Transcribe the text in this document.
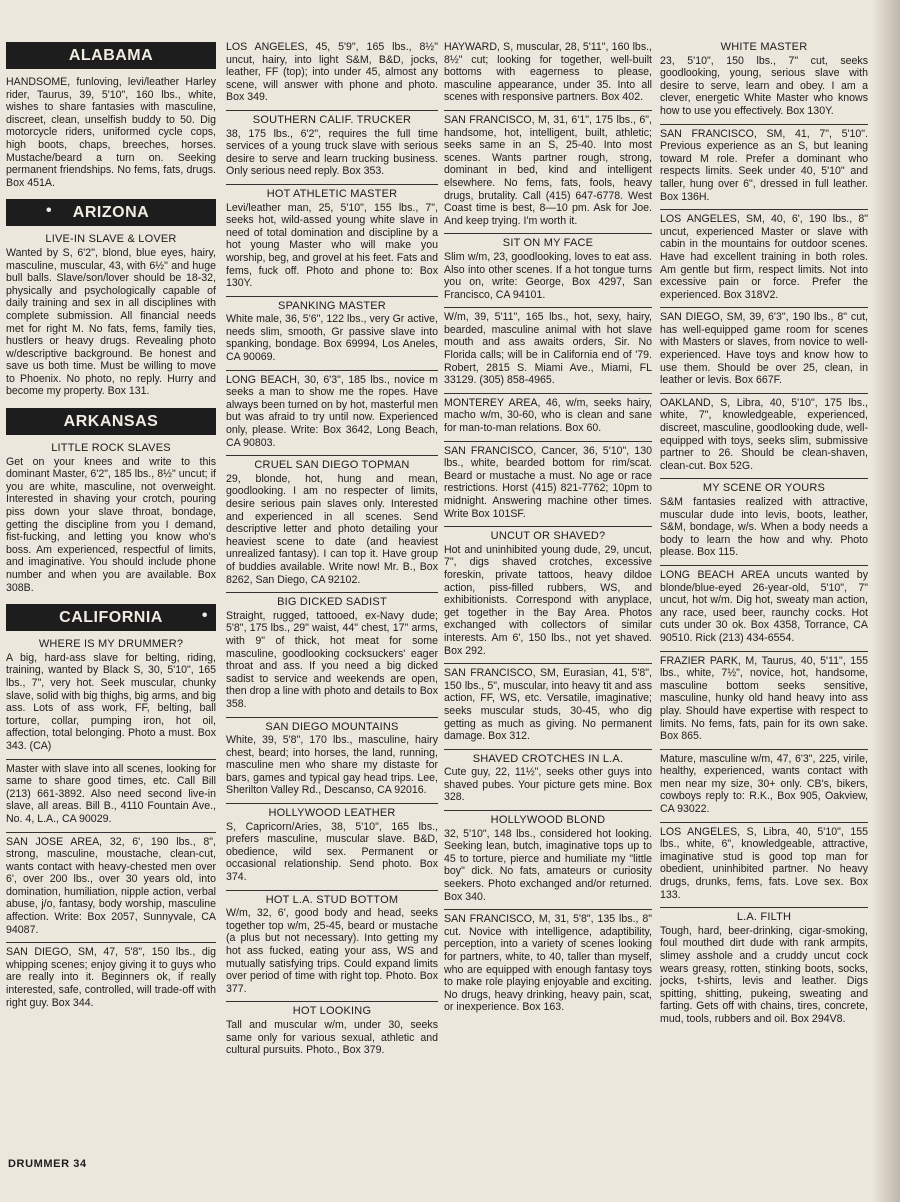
ALABAMA
HANDSOME, funloving, levi/leather Harley rider, Taurus, 39, 5'10", 160 lbs., white, wishes to share fantasies with masculine, discreet, clean, unselfish buddy to 50. Dig motorcycle riders, uniformed cycle cops, high boots, chaps, breeches, horses. Mustache/beard a turn on. Seeking permanent friendships. No fems, fats, drugs. Box 451A.
• ARIZONA
LIVE-IN SLAVE & LOVER
Wanted by S, 6'2", blond, blue eyes, hairy, masculine, muscular, 43, with 6½" and huge bull balls. Slave/son/lover should be 18-32, physically and psychologically capable of daily training and sex in all disciplines with complete submission. All financial needs met for right M. No fats, fems, family ties, hustlers or heavy drugs. Revealing photo w/descriptive background. Be honest and save us both time. Must be willing to move to Phoenix. No photo, no reply. Hurry and become my property. Box 131.
ARKANSAS
LITTLE ROCK SLAVES
Get on your knees and write to this dominant Master, 6'2", 185 lbs., 8½" uncut; if you are white, masculine, not overweight. Interested in shaving your crotch, pouring piss down your slave throat, bondage, getting the discipline from you I demand, fist-fucking, and letting you know who's boss. Am experienced, respectful of limits, and imaginative. You should include phone number and when you are available. Box 308B.
CALIFORNIA •
WHERE IS MY DRUMMER?
A big, hard-ass slave for belting, riding, training, wanted by Black S, 30, 5'10", 165 lbs., 7", very hot. Seek muscular, chunky slave, solid with big thighs, big arms, and big ass. Lots of ass work, FF, belting, ball torture, collar, pumping iron, hot oil, affection, total belonging. Photo a must. Box 343. (CA)
Master with slave into all scenes, looking for same to share good times, etc. Call Bill (213) 661-3892. Also need second live-in slave, all areas. Bill B., 4110 Fountain Ave., No. 4, L.A., CA 90029.
SAN JOSE AREA, 32, 6', 190 lbs., 8", strong, masculine, moustache, clean-cut, wants contact with heavy-chested men over 6', over 200 lbs., over 30 years old, into domination, humiliation, nipple action, verbal abuse, j/o, fantasy, body worship, masculine affection. Write: Box 2057, Sunnyvale, CA 94087.
SAN DIEGO, SM, 47, 5'8", 150 lbs., dig whipping scenes; enjoy giving it to guys who are really into it. Beginners ok, if really interested, safe, controlled, will trade-off with right guy. Box 344.
LOS ANGELES, 45, 5'9", 165 lbs., 8½" uncut, hairy, into light S&M, B&D, jocks, leather, FF (top); into under 45, almost any scene, will answer with phone and photo. Box 349.
SOUTHERN CALIF. TRUCKER
38, 175 lbs., 6'2", requires the full time services of a young truck slave with serious desire to serve and learn trucking business. Only serious need reply. Box 353.
HOT ATHLETIC MASTER
Levi/leather man, 25, 5'10", 155 lbs., 7", seeks hot, wild-assed young white slave in need of total domination and discipline by a hot young Master who will make you worship, beg, and grovel at his feet. Fats and fems, fuck off. Photo and phone to: Box 130Y.
SPANKING MASTER
White male, 36, 5'6", 122 lbs., very Gr active, needs slim, smooth, Gr passive slave into spanking, bondage. Box 69994, Los Aneles, CA 90069.
LONG BEACH, 30, 6'3", 185 lbs., novice m seeks a man to show me the ropes. Have always been turned on by hot, masterful men but was afraid to try until now. Experienced only, please. Write: Box 3642, Long Beach, CA 90803.
CRUEL SAN DIEGO TOPMAN
29, blonde, hot, hung and mean, goodlooking. I am no respecter of limits, desire serious pain slaves only. Interested and experienced in all scenes. Send descriptive letter and photo detailing your heaviest scene to date (and heaviest unrealized fantasy). I can top it. Have group of buddies available. Write now! Mr. B., Box 8262, San Diego, CA 92102.
BIG DICKED SADIST
Straight, rugged, tattooed, ex-Navy dude; 5'8", 175 lbs., 29" waist, 44" chest, 17" arms, with 9" of thick, hot meat for some masculine, goodlooking cocksuckers' eager throat and ass. If you need a big dicked sadist to service and weekends are open, then drop a line with photo and details to Box 358.
SAN DIEGO MOUNTAINS
White, 39, 5'8", 170 lbs., masculine, hairy chest, beard; into horses, the land, running, masculine men who share my distaste for bars, games and typical gay head trips. Lee, Sherilton Valley Rd., Descanso, CA 92016.
HOLLYWOOD LEATHER
S, Capricorn/Aries, 38, 5'10", 165 lbs., prefers masculine, muscular slave. B&D, obedience, wild sex. Permanent or occasional relationship. Send photo. Box 374.
HOT L.A. STUD BOTTOM
W/m, 32, 6', good body and head, seeks together top w/m, 25-45, beard or mustache (a plus but not necessary). Into getting my hot ass fucked, eating your ass, WS and mutually satisfying trips. Could expand limits over period of time with right top. Photo. Box 377.
HOT LOOKING
Tall and muscular w/m, under 30, seeks same only for various sexual, athletic and cultural pursuits. Photo., Box 379.
HAYWARD, S, muscular, 28, 5'11", 160 lbs., 8½" cut; looking for together, well-built bottoms with eagerness to please, masculine appearance, under 35. Into all scenes with responsive partners. Box 402.
SAN FRANCISCO, M, 31, 6'1", 175 lbs., 6", handsome, hot, intelligent, built, athletic; seeks same in an S, 25-40. Into most scenes. Wants partner rough, strong, dominant in bed, kind and intelligent elsewhere. No fems, fats, fools, heavy drugs, brutality. Call (415) 647-6778. West Coast time is best, 8—10 pm. Ask for Joe. And keep trying. I'm worth it.
SIT ON MY FACE
Slim w/m, 23, goodlooking, loves to eat ass. Also into other scenes. If a hot tongue turns you on, write: George, Box 4297, San Francisco, CA 94101.
W/m, 39, 5'11", 165 lbs., hot, sexy, hairy, bearded, masculine animal with hot slave mouth and ass awaits orders, Sir. No Florida calls; will be in California end of '79. Robert, 2815 S. Miami Ave., Miami, FL 33129. (305) 858-4965.
MONTEREY AREA, 46, w/m, seeks hairy, macho w/m, 30-60, who is clean and sane for man-to-man relations. Box 60.
SAN FRANCISCO, Cancer, 36, 5'10", 130 lbs., white, bearded bottom for rim/scat. Beard or mustache a must. No age or race restrictions. Horst (415) 821-7762; 10pm to midnight. Answering machine other times. Write Box 101SF.
UNCUT OR SHAVED?
Hot and uninhibited young dude, 29, uncut, 7", digs shaved crotches, excessive foreskin, private tattoos, heavy dildoe action, piss-filled rubbers, WS, and exhibitionists. Correspond with anyplace, get together in the Bay Area. Photos exchanged with collectors of similar interests. Am 6', 150 lbs., not yet shaved. Box 292.
SAN FRANCISCO, SM, Eurasian, 41, 5'8", 150 lbs., 5", muscular, into heavy tit and ass action, FF, WS, etc. Versatile, imaginative; seeks muscular studs, 30-45, who dig getting as much as giving. No permanent damage. Box 312.
SHAVED CROTCHES IN L.A.
Cute guy, 22, 11½", seeks other guys into shaved pubes. Your picture gets mine. Box 328.
HOLLYWOOD BLOND
32, 5'10", 148 lbs., considered hot looking. Seeking lean, butch, imaginative tops up to 45 to torture, pierce and humiliate my "little boy" dick. No fats, amateurs or curiosity seekers. Photo exchanged and/or returned. Box 340.
SAN FRANCISCO, M, 31, 5'8", 135 lbs., 8" cut. Novice with intelligence, adaptibility, perception, into a variety of scenes looking for partners, white, to 40, taller than myself, who are equipped with enough fantasy toys to make role playing enjoyable and exciting. No drugs, heavy drinking, heavy pain, scat, or inexperience. Box 163.
WHITE MASTER
23, 5'10", 150 lbs., 7" cut, seeks goodlooking, young, serious slave with desire to serve, learn and obey. I am a clever, energetic White Master who knows how to use you effectively. Box 130Y.
SAN FRANCISCO, SM, 41, 7", 5'10". Previous experience as an S, but leaning toward M role. Prefer a dominant who respects limits. Seek under 40, 5'10" and taller, hung over 6", dressed in full leather. Box 136H.
LOS ANGELES, SM, 40, 6', 190 lbs., 8" uncut, experienced Master or slave with cabin in the mountains for outdoor scenes. Have had excellent training in both roles. Am gentle but firm, respect limits. Not into excessive pain or force. Prefer the experienced. Box 318V2.
SAN DIEGO, SM, 39, 6'3", 190 lbs., 8" cut, has well-equipped game room for scenes with Masters or slaves, from novice to well-experienced. Have toys and know how to use them. Should be over 25, clean, in leather or levis. Box 667F.
OAKLAND, S, Libra, 40, 5'10", 175 lbs., white, 7", knowledgeable, experienced, discreet, masculine, goodlooking dude, well-equipped with toys, seeks slim, submissive partner to 26. Should be clean-shaven, clean-cut. Box 52G.
MY SCENE OR YOURS
S&M fantasies realized with attractive, muscular dude into levis, boots, leather, S&M, bondage, w/s. When a body needs a body to learn the how and why. Photo please. Box 115.
LONG BEACH AREA uncuts wanted by blonde/blue-eyed 26-year-old, 5'10", 7" uncut, hot w/m. Dig hot, sweaty man action, any race, used beer, raunchy cocks. Hot cuts under 30 ok. Box 4358, Torrance, CA 90510. Rick (213) 434-6554.
FRAZIER PARK, M, Taurus, 40, 5'11", 155 lbs., white, 7½", novice, hot, handsome, masculine bottom seeks sensitive, masculine, hunky old hand heavy into ass play. Should have expertise with respect to limits. No fems, fats, pain for its own sake. Box 865.
Mature, masculine w/m, 47, 6'3", 225, virile, healthy, experienced, wants contact with men near my size, 30+ only. CB's, bikers, cowboys reply to: R.K., Box 905, Oakview, CA 93022.
LOS ANGELES, S, Libra, 40, 5'10", 155 lbs., white, 6", knowledgeable, attractive, imaginative stud is good top man for obedient, uninhibited partner. No heavy drugs, drunks, fems, fats. Love sex. Box 133.
L.A. FILTH
Tough, hard, beer-drinking, cigar-smoking, foul mouthed dirt dude with rank armpits, slimey asshole and a cruddy uncut cock wears greasy, rotten, stinking boots, socks, jocks, t-shirts, levis and leather. Digs spitting, shitting, pukeing, sweating and farting. Gets off with chains, tires, concrete, mud, tools, rubbers and oil. Box 294V8.
DRUMMER 34
